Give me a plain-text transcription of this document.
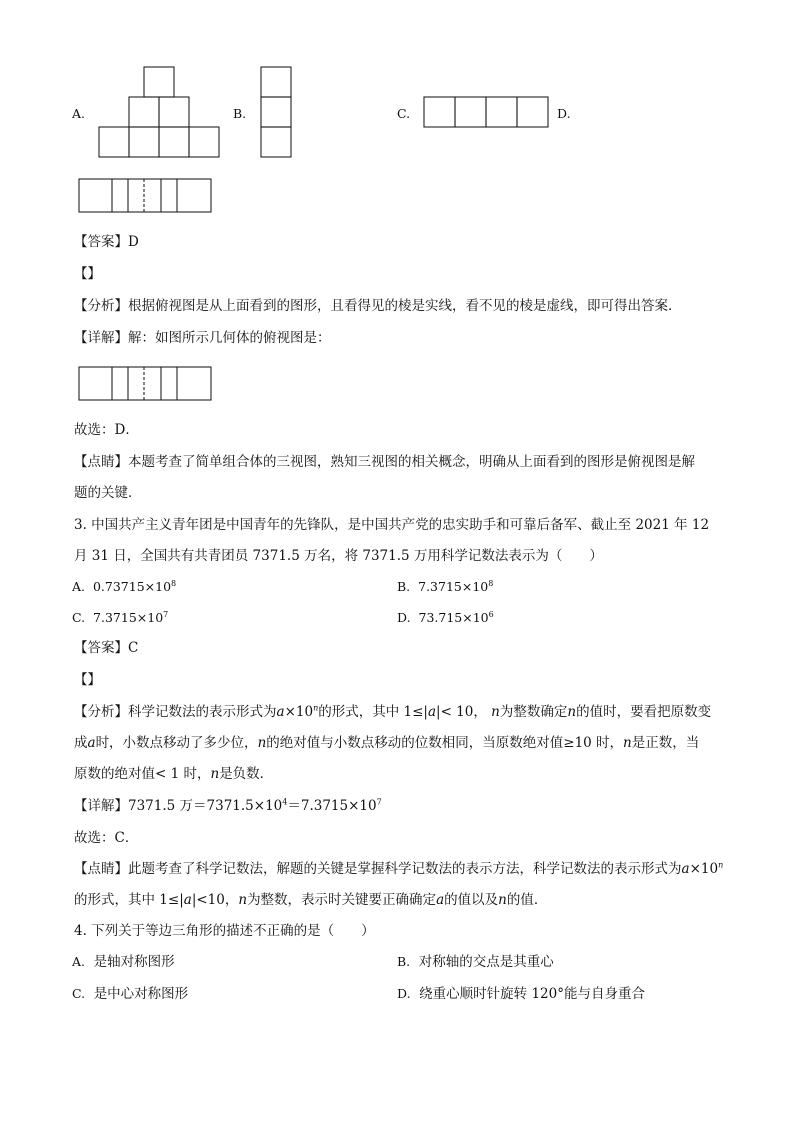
A.	B.	C.	D.
【答案】D
【】
【分析】根据俯视图是从上面看到的图形，且看得见的棱是实线，看不见的棱是虚线，即可得出答案．
【详解】解：如图所示几何体的俯视图是：
故选：D．
【点睛】本题考查了简单组合体的三视图，熟知三视图的相关概念，明确从上面看到的图形是俯视图是解
题的关键．
3. 中国共产主义青年团是中国青年的先锋队，是中国共产党的忠实助手和可靠后备军、截止至 2021 年 12
月 31 日，全国共有共青团员 7371.5 万名，将 7371.5 万用科学记数法表示为（　　）
A. $0.73715\times 10^8$	B. $7.3715\times 10^8$
C. $7.3715\times 10^7$	D. $73.715\times 10^6$
【答案】C
【】
【分析】科学记数法的表示形式为$a\times 10^n$的形式，其中 1≤|a|< 10， n为整数确定n的值时，要看把原数变
成a时，小数点移动了多少位，n的绝对值与小数点移动的位数相同，当原数绝对值≥10 时，n是正数，当
原数的绝对值< 1 时，n是负数．
【详解】7371.5 万$=7371.5\times 10^4=7.3715\times 10^7$
故选：C．
【点睛】此题考查了科学记数法，解题的关键是掌握科学记数法的表示方法，科学记数法的表示形式为$a\times 10^n$
的形式，其中 1≤|a|<10，n为整数，表示时关键要正确确定a的值以及n的值．
4. 下列关于等边三角形的描述不正确的是（　　）
A. 是轴对称图形	B. 对称轴的交点是其重心
C. 是中心对称图形	D. 绕重心顺时针旋转 120°能与自身重合
